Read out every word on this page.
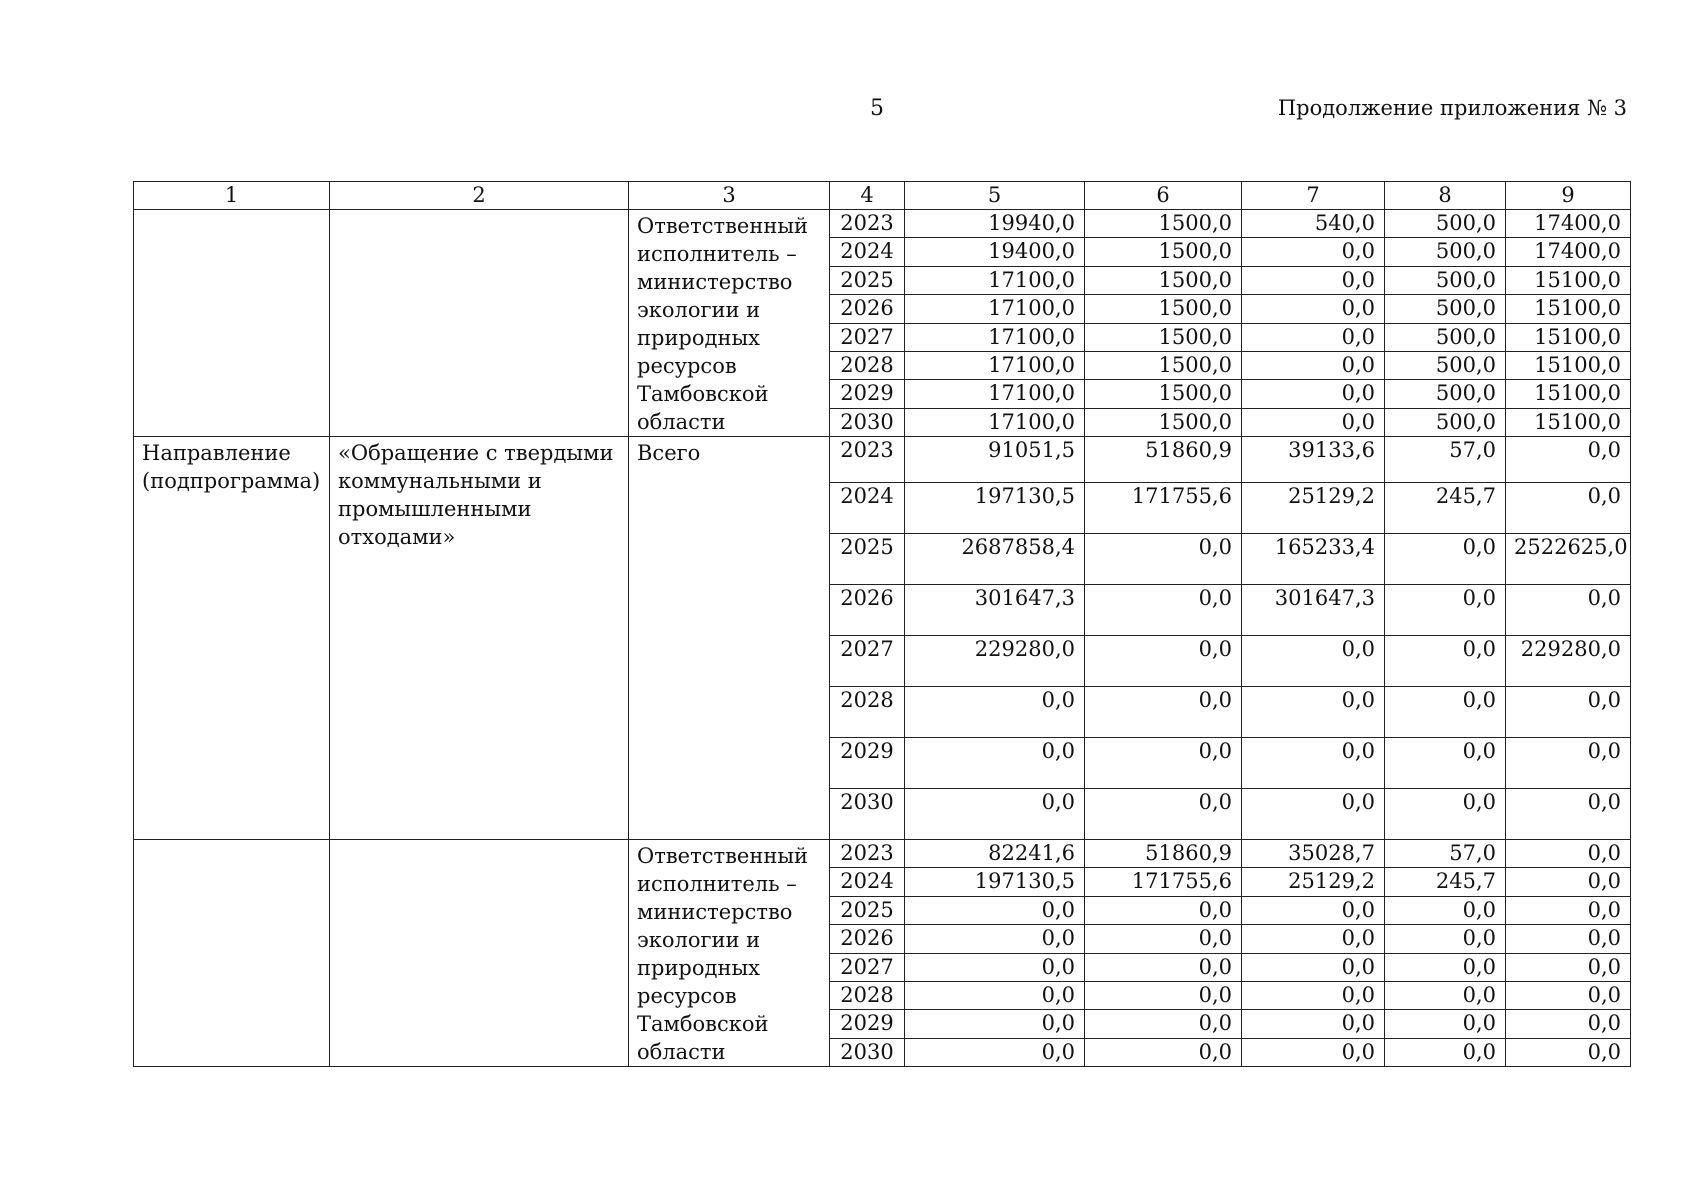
5	Продолжение приложения № 3
1	2	3	4	5	6	7	8	9
		Ответственный исполнитель – министерство экологии и природных ресурсов Тамбовской области	2023	19940,0	1500,0	540,0	500,0	17400,0
			2024	19400,0	1500,0	0,0	500,0	17400,0
			2025	17100,0	1500,0	0,0	500,0	15100,0
			2026	17100,0	1500,0	0,0	500,0	15100,0
			2027	17100,0	1500,0	0,0	500,0	15100,0
			2028	17100,0	1500,0	0,0	500,0	15100,0
			2029	17100,0	1500,0	0,0	500,0	15100,0
			2030	17100,0	1500,0	0,0	500,0	15100,0
Направление (подпрограмма)	«Обращение с твердыми коммунальными и промышленными отходами»	Всего	2023	91051,5	51860,9	39133,6	57,0	0,0
			2024	197130,5	171755,6	25129,2	245,7	0,0
			2025	2687858,4	0,0	165233,4	0,0	2522625,0
			2026	301647,3	0,0	301647,3	0,0	0,0
			2027	229280,0	0,0	0,0	0,0	229280,0
			2028	0,0	0,0	0,0	0,0	0,0
			2029	0,0	0,0	0,0	0,0	0,0
			2030	0,0	0,0	0,0	0,0	0,0
		Ответственный исполнитель – министерство экологии и природных ресурсов Тамбовской области	2023	82241,6	51860,9	35028,7	57,0	0,0
			2024	197130,5	171755,6	25129,2	245,7	0,0
			2025	0,0	0,0	0,0	0,0	0,0
			2026	0,0	0,0	0,0	0,0	0,0
			2027	0,0	0,0	0,0	0,0	0,0
			2028	0,0	0,0	0,0	0,0	0,0
			2029	0,0	0,0	0,0	0,0	0,0
			2030	0,0	0,0	0,0	0,0	0,0
